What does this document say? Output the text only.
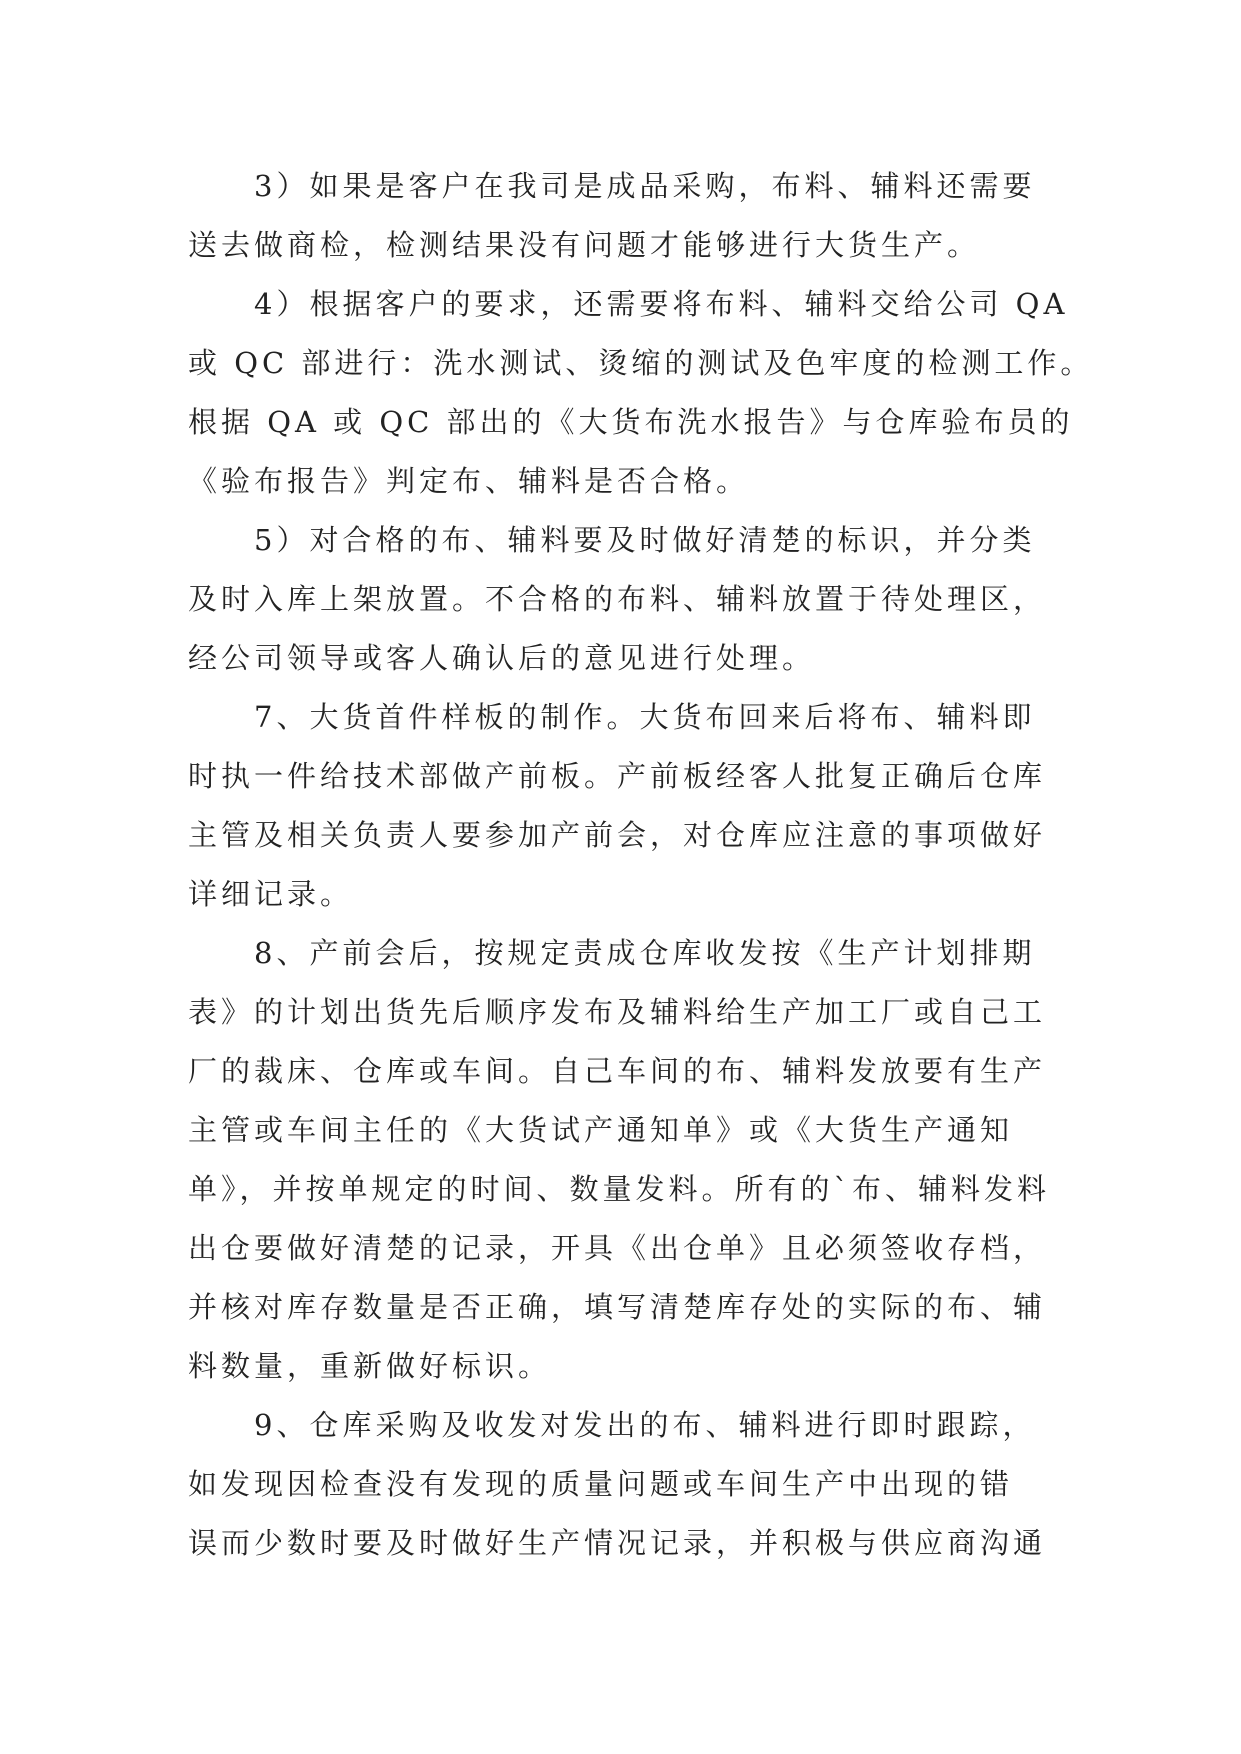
3）如果是客户在我司是成品采购，布料、辅料还需要
送去做商检，检测结果没有问题才能够进行大货生产。

4）根据客户的要求，还需要将布料、辅料交给公司 QA
或 QC 部进行：洗水测试、烫缩的测试及色牢度的检测工作。
根据 QA 或 QC 部出的《大货布洗水报告》与仓库验布员的
《验布报告》判定布、辅料是否合格。

5）对合格的布、辅料要及时做好清楚的标识，并分类
及时入库上架放置。不合格的布料、辅料放置于待处理区，
经公司领导或客人确认后的意见进行处理。

7、大货首件样板的制作。大货布回来后将布、辅料即
时执一件给技术部做产前板。产前板经客人批复正确后仓库
主管及相关负责人要参加产前会，对仓库应注意的事项做好
详细记录。

8、产前会后，按规定责成仓库收发按《生产计划排期
表》的计划出货先后顺序发布及辅料给生产加工厂或自己工
厂的裁床、仓库或车间。自己车间的布、辅料发放要有生产
主管或车间主任的《大货试产通知单》或《大货生产通知
单》，并按单规定的时间、数量发料。所有的`布、辅料发料
出仓要做好清楚的记录，开具《出仓单》且必须签收存档，
并核对库存数量是否正确，填写清楚库存处的实际的布、辅
料数量，重新做好标识。

9、仓库采购及收发对发出的布、辅料进行即时跟踪，
如发现因检查没有发现的质量问题或车间生产中出现的错
误而少数时要及时做好生产情况记录，并积极与供应商沟通
